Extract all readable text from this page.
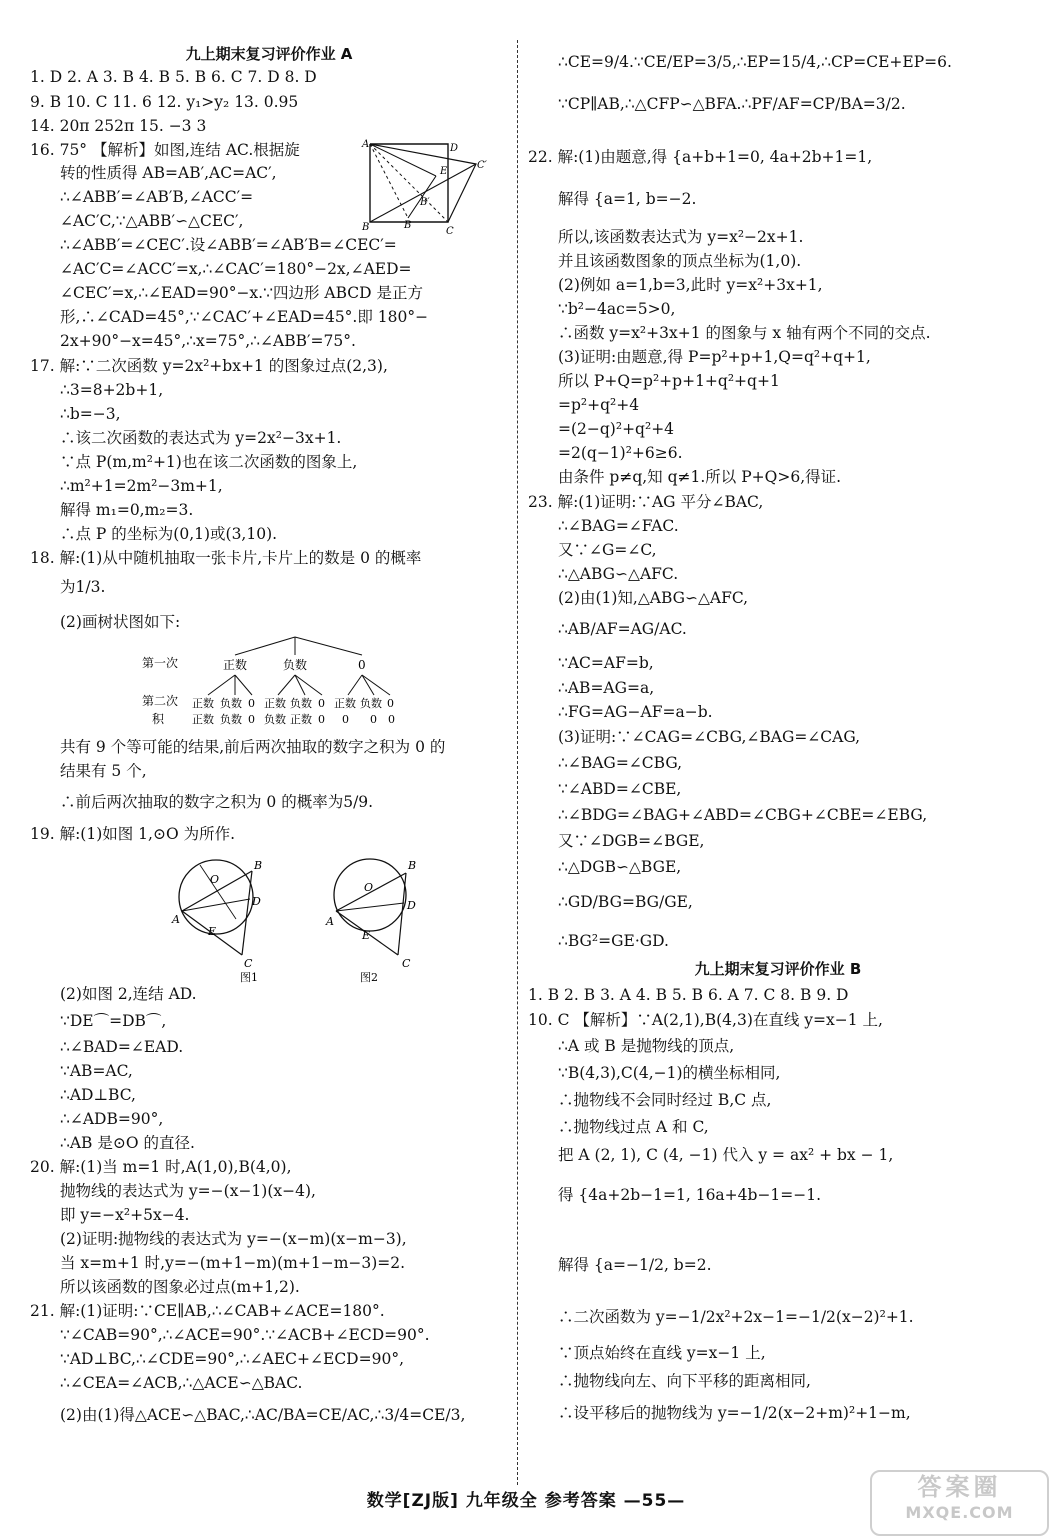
九上期末复习评价作业 A
1. D 2. A 3. B 4. B 5. B 6. C 7. D 8. D
9. B 10. C 11. 6 12. y₁>y₂ 13. 0.95
14. 20π 252π 15. −3 3
16. 75° 【解析】如图,连结 AC.根据旋
转的性质得 AB=AB′,AC=AC′,
∴∠ABB′=∠AB′B,∠ACC′=
∠AC′C,∵△ABB′∽△CEC′,
∴∠ABB′=∠CEC′.设∠ABB′=∠AB′B=∠CEC′=
∠AC′C=∠ACC′=x,∴∠CAC′=180°−2x,∠AED=
∠CEC′=x,∴∠EAD=90°−x.∵四边形 ABCD 是正方
形,∴∠CAD=45°,∵∠CAC′+∠EAD=45°.即 180°−
2x+90°−x=45°,∴x=75°,∴∠ABB′=75°.
A	D
C′
E
B′
B
B	C
17. 解:∵二次函数 y=2x²+bx+1 的图象过点(2,3),
∴3=8+2b+1,
∴b=−3,
∴该二次函数的表达式为 y=2x²−3x+1.
∵点 P(m,m²+1)也在该二次函数的图象上,
∴m²+1=2m²−3m+1,
解得 m₁=0,m₂=3.
∴点 P 的坐标为(0,1)或(3,10).
18. 解:(1)从中随机抽取一张卡片,卡片上的数是 0 的概率
为1/3.
(2)画树状图如下:
第一次
第二次
积
正数	负数	0
正数 负数 0 正数 负数 0 正数 负数 0
正数 负数 0 负数 正数 0 0 0 0
共有 9 个等可能的结果,前后两次抽取的数字之积为 0 的
结果有 5 个,
∴前后两次抽取的数字之积为 0 的概率为5/9.
19. 解:(1)如图 1,⊙O 为所作.
O
B
D
A
E
C
图1
O
B
D
A
E
C
图2
(2)如图 2,连结 AD.
∵DE⌒=DB⌒,
∴∠BAD=∠EAD.
∵AB=AC,
∴AD⊥BC,
∴∠ADB=90°,
∴AB 是⊙O 的直径.
20. 解:(1)当 m=1 时,A(1,0),B(4,0),
抛物线的表达式为 y=−(x−1)(x−4),
即 y=−x²+5x−4.
(2)证明:抛物线的表达式为 y=−(x−m)(x−m−3),
当 x=m+1 时,y=−(m+1−m)(m+1−m−3)=2.
所以该函数的图象必过点(m+1,2).
21. 解:(1)证明:∵CE∥AB,∴∠CAB+∠ACE=180°.
∵∠CAB=90°,∴∠ACE=90°.∵∠ACB+∠ECD=90°.
∵AD⊥BC,∴∠CDE=90°,∴∠AEC+∠ECD=90°,
∴∠CEA=∠ACB,∴△ACE∽△BAC.
(2)由(1)得△ACE∽△BAC,∴AC/BA=CE/AC,∴3/4=CE/3,
∴CE=9/4.∵CE/EP=3/5,∴EP=15/4,∴CP=CE+EP=6.
∵CP∥AB,∴△CFP∽△BFA.∴PF/AF=CP/BA=3/2.
22. 解:(1)由题意,得 {a+b+1=0, 4a+2b+1=1,
解得 {a=1, b=−2.
所以,该函数表达式为 y=x²−2x+1.
并且该函数图象的顶点坐标为(1,0).
(2)例如 a=1,b=3,此时 y=x²+3x+1,
∵b²−4ac=5>0,
∴函数 y=x²+3x+1 的图象与 x 轴有两个不同的交点.
(3)证明:由题意,得 P=p²+p+1,Q=q²+q+1,
所以 P+Q=p²+p+1+q²+q+1
=p²+q²+4
=(2−q)²+q²+4
=2(q−1)²+6≥6.
由条件 p≠q,知 q≠1.所以 P+Q>6,得证.
23. 解:(1)证明:∵AG 平分∠BAC,
∴∠BAG=∠FAC.
又∵∠G=∠C,
∴△ABG∽△AFC.
(2)由(1)知,△ABG∽△AFC,
∴AB/AF=AG/AC.
∵AC=AF=b,
∴AB=AG=a,
∴FG=AG−AF=a−b.
(3)证明:∵∠CAG=∠CBG,∠BAG=∠CAG,
∴∠BAG=∠CBG,
∵∠ABD=∠CBE,
∴∠BDG=∠BAG+∠ABD=∠CBG+∠CBE=∠EBG,
又∵∠DGB=∠BGE,
∴△DGB∽△BGE,
∴GD/BG=BG/GE,
∴BG²=GE·GD.
九上期末复习评价作业 B
1. B 2. B 3. A 4. B 5. B 6. A 7. C 8. B 9. D
10. C 【解析】∵A(2,1),B(4,3)在直线 y=x−1 上,
∴A 或 B 是抛物线的顶点,
∵B(4,3),C(4,−1)的横坐标相同,
∴抛物线不会同时经过 B,C 点,
∴抛物线过点 A 和 C,
把 A (2, 1), C (4, −1) 代入 y = ax² + bx − 1,
得 {4a+2b−1=1, 16a+4b−1=−1.
解得 {a=−1/2, b=2.
∴二次函数为 y=−1/2x²+2x−1=−1/2(x−2)²+1.
∵顶点始终在直线 y=x−1 上,
∴抛物线向左、向下平移的距离相同,
∴设平移后的抛物线为 y=−1/2(x−2+m)²+1−m,
数学[ZJ版] 九年级全 参考答案 —55—	答案圈
MXQE.COM
